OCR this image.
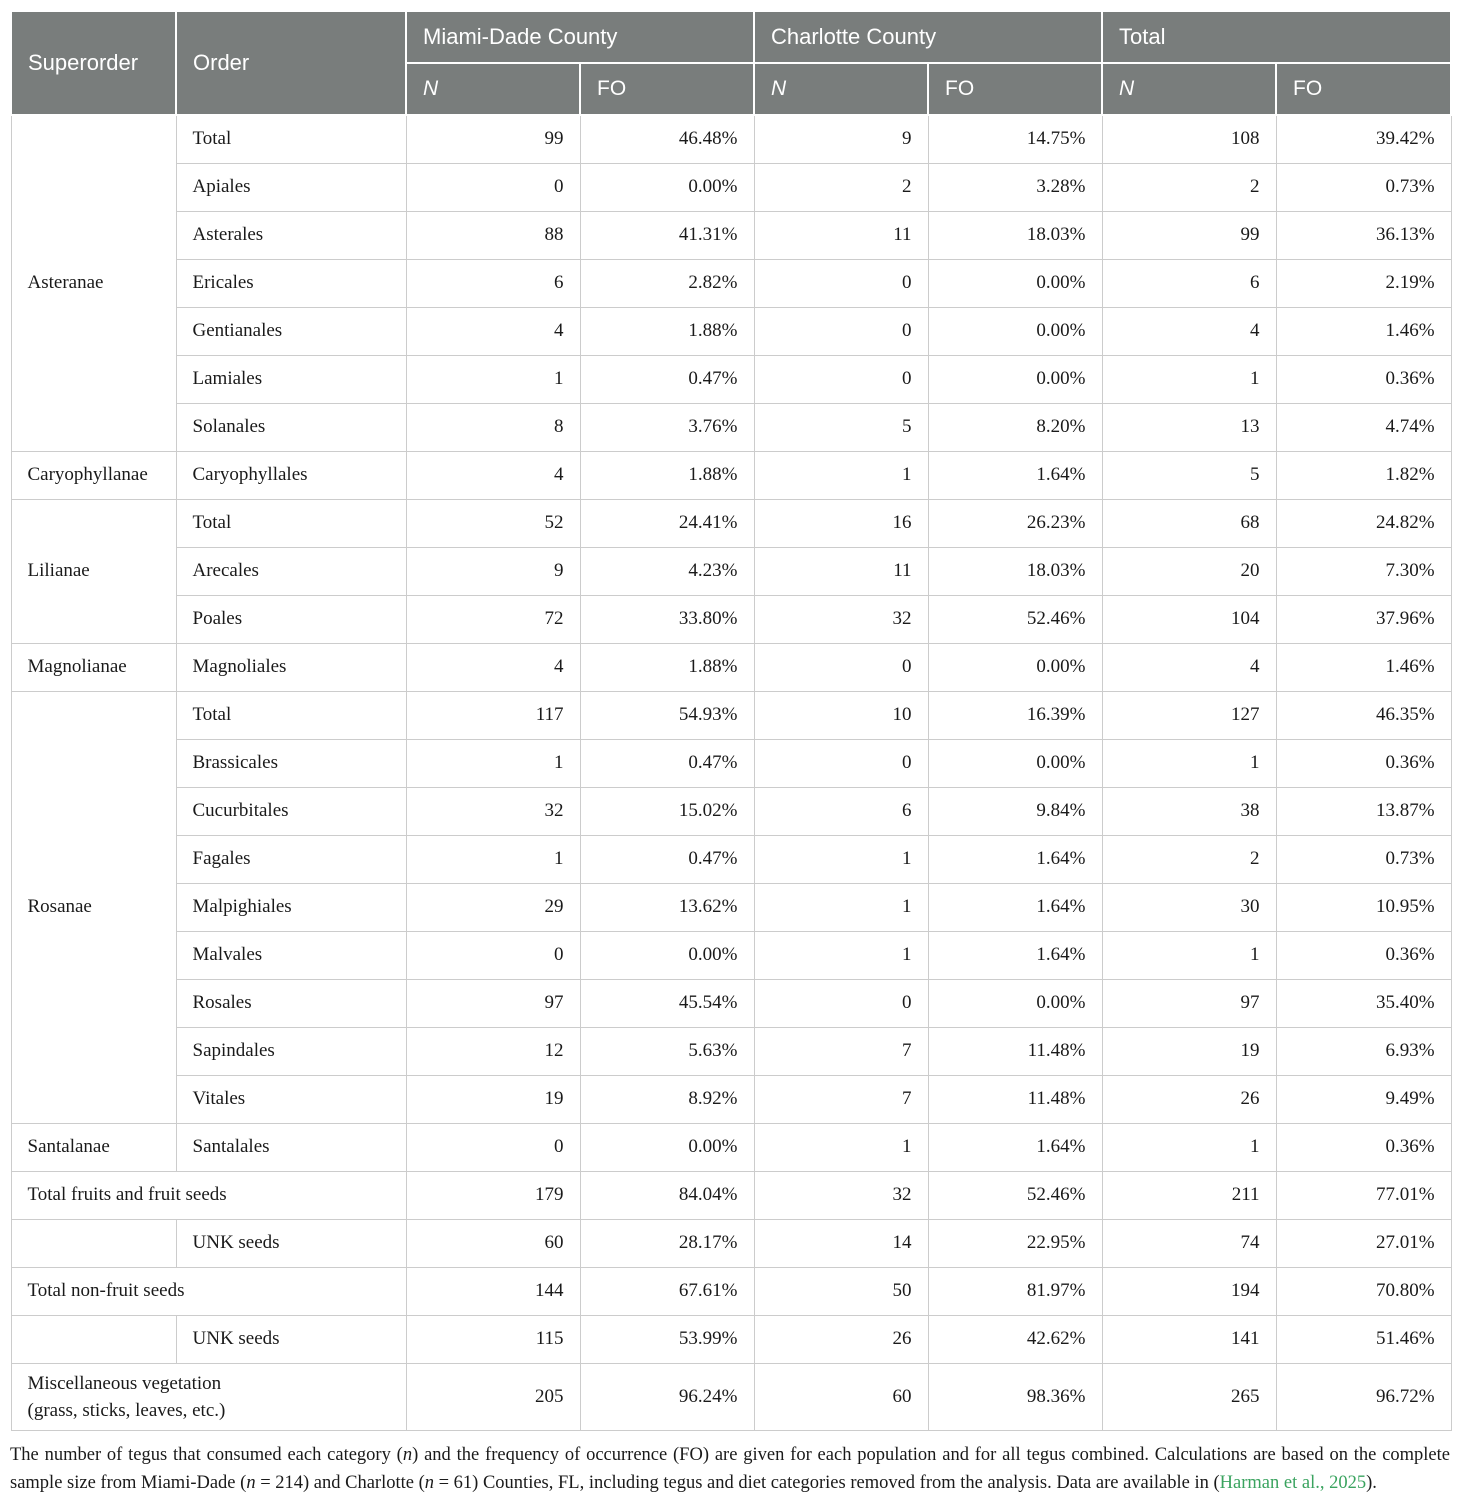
Superorder	Order	Miami-Dade County		Charlotte County		Total	
		N	FO	N	FO	N	FO
Asteranae	Total	99	46.48%	9	14.75%	108	39.42%
	Apiales	0	0.00%	2	3.28%	2	0.73%
	Asterales	88	41.31%	11	18.03%	99	36.13%
	Ericales	6	2.82%	0	0.00%	6	2.19%
	Gentianales	4	1.88%	0	0.00%	4	1.46%
	Lamiales	1	0.47%	0	0.00%	1	0.36%
	Solanales	8	3.76%	5	8.20%	13	4.74%
Caryophyllanae	Caryophyllales	4	1.88%	1	1.64%	5	1.82%
Lilianae	Total	52	24.41%	16	26.23%	68	24.82%
	Arecales	9	4.23%	11	18.03%	20	7.30%
	Poales	72	33.80%	32	52.46%	104	37.96%
Magnolianae	Magnoliales	4	1.88%	0	0.00%	4	1.46%
Rosanae	Total	117	54.93%	10	16.39%	127	46.35%
	Brassicales	1	0.47%	0	0.00%	1	0.36%
	Cucurbitales	32	15.02%	6	9.84%	38	13.87%
	Fagales	1	0.47%	1	1.64%	2	0.73%
	Malpighiales	29	13.62%	1	1.64%	30	10.95%
	Malvales	0	0.00%	1	1.64%	1	0.36%
	Rosales	97	45.54%	0	0.00%	97	35.40%
	Sapindales	12	5.63%	7	11.48%	19	6.93%
	Vitales	19	8.92%	7	11.48%	26	9.49%
Santalanae	Santalales	0	0.00%	1	1.64%	1	0.36%
Total fruits and fruit seeds		179	84.04%	32	52.46%	211	77.01%
	UNK seeds	60	28.17%	14	22.95%	74	27.01%
Total non-fruit seeds		144	67.61%	50	81.97%	194	70.80%
	UNK seeds	115	53.99%	26	42.62%	141	51.46%

Miscellaneous vegetation
(grass, sticks, leaves, etc.)		205	96.24%	60	98.36%	265	96.72%

The number of tegus that consumed each category (n) and the frequency of occurrence (FO) are given for each population and for all tegus combined. Calculations are based on the complete sample size from Miami-Dade (n = 214) and Charlotte (n = 61) Counties, FL, including tegus and diet categories removed from the analysis. Data are available in (Harman et al., 2025).
